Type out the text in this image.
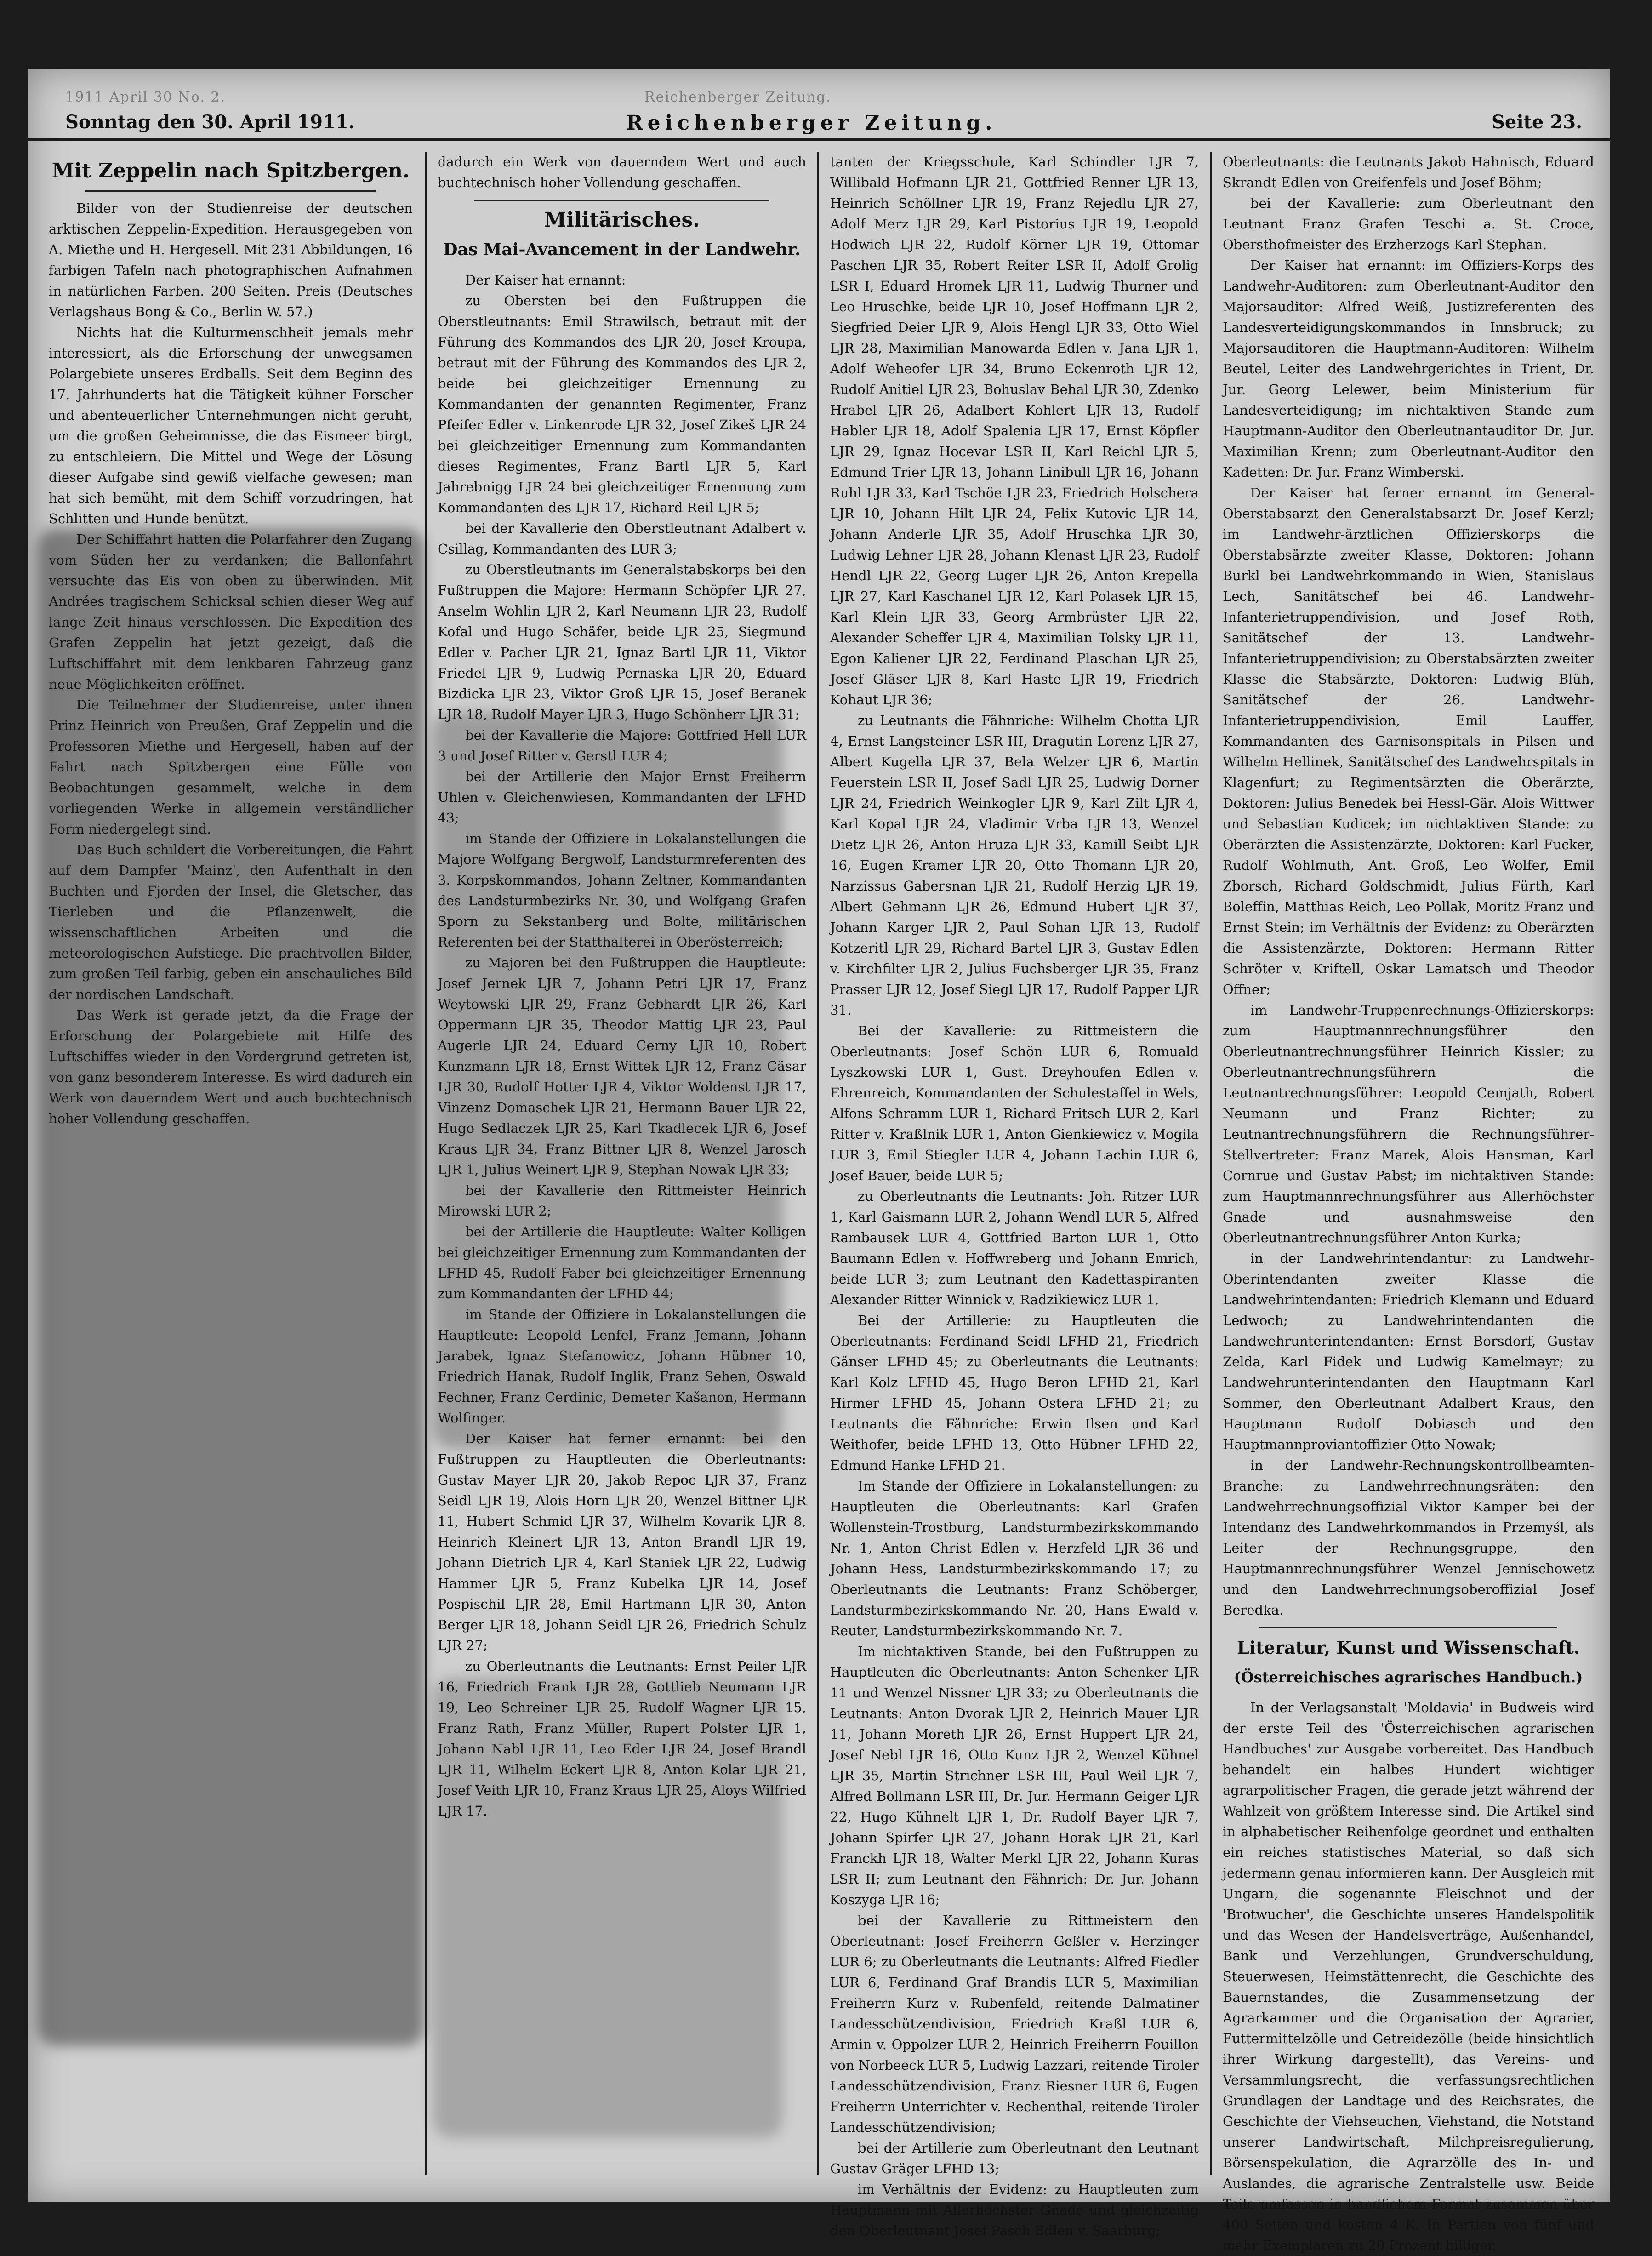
1911 April 30 No. 2.	Reichenberger Zeitung.
Sonntag den 30. April 1911.	Reichenberger Zeitung.	Seite 23.
Mit Zeppelin nach Spitzbergen.

Bilder von der Studienreise der deutschen arktischen Zeppelin-Expedition. Herausgegeben von A. Miethe und H. Hergesell. Mit 231 Abbildungen, 16 farbigen Tafeln nach photographischen Aufnahmen in natürlichen Farben. 200 Seiten. Preis (Deutsches Verlagshaus Bong & Co., Berlin W. 57.)

Nichts hat die Kulturmenschheit jemals mehr interessiert, als die Erforschung der unwegsamen Polargebiete unseres Erdballs. Seit dem Beginn des 17. Jahrhunderts hat die Tätigkeit kühner Forscher und abenteuerlicher Unternehmungen nicht geruht, um die großen Geheimnisse, die das Eismeer birgt, zu entschleiern. Die Mittel und Wege der Lösung dieser Aufgabe sind gewiß vielfache gewesen; man hat sich bemüht, mit dem Schiff vorzudringen, hat Schlitten und Hunde benützt.

Der Schiffahrt hatten die Polarfahrer den Zugang vom Süden her zu verdanken; die Ballonfahrt versuchte das Eis von oben zu überwinden. Mit Andrées tragischem Schicksal schien dieser Weg auf lange Zeit hinaus verschlossen. Die Expedition des Grafen Zeppelin hat jetzt gezeigt, daß die Luftschiffahrt mit dem lenkbaren Fahrzeug ganz neue Möglichkeiten eröffnet.

Die Teilnehmer der Studienreise, unter ihnen Prinz Heinrich von Preußen, Graf Zeppelin und die Professoren Miethe und Hergesell, haben auf der Fahrt nach Spitzbergen eine Fülle von Beobachtungen gesammelt, welche in dem vorliegenden Werke in allgemein verständlicher Form niedergelegt sind.

Das Buch schildert die Vorbereitungen, die Fahrt auf dem Dampfer 'Mainz', den Aufenthalt in den Buchten und Fjorden der Insel, die Gletscher, das Tierleben und die Pflanzenwelt, die wissenschaftlichen Arbeiten und die meteorologischen Aufstiege. Die prachtvollen Bilder, zum großen Teil farbig, geben ein anschauliches Bild der nordischen Landschaft.

Das Werk ist gerade jetzt, da die Frage der Erforschung der Polargebiete mit Hilfe des Luftschiffes wieder in den Vordergrund getreten ist, von ganz besonderem Interesse. Es wird dadurch ein Werk von dauerndem Wert und auch buchtechnisch hoher Vollendung geschaffen.

dadurch ein Werk von dauerndem Wert und auch buchtechnisch hoher Vollendung geschaffen.

Militärisches.
Das Mai-Avancement in der Landwehr.

Der Kaiser hat ernannt:

zu Obersten bei den Fußtruppen die Oberstleutnants: Emil Strawilsch, betraut mit der Führung des Kommandos des LJR 20, Josef Kroupa, betraut mit der Führung des Kommandos des LJR 2, beide bei gleichzeitiger Ernennung zu Kommandanten der genannten Regimenter, Franz Pfeifer Edler v. Linkenrode LJR 32, Josef Zikeš LJR 24 bei gleichzeitiger Ernennung zum Kommandanten dieses Regimentes, Franz Bartl LJR 5, Karl Jahrebnigg LJR 24 bei gleichzeitiger Ernennung zum Kommandanten des LJR 17, Richard Reil LJR 5;

bei der Kavallerie den Oberstleutnant Adalbert v. Csillag, Kommandanten des LUR 3;

zu Oberstleutnants im Generalstabskorps bei den Fußtruppen die Majore: Hermann Schöpfer LJR 27, Anselm Wohlin LJR 2, Karl Neumann LJR 23, Rudolf Kofal und Hugo Schäfer, beide LJR 25, Siegmund Edler v. Pacher LJR 21, Ignaz Bartl LJR 11, Viktor Friedel LJR 9, Ludwig Pernaska LJR 20, Eduard Bizdicka LJR 23, Viktor Groß LJR 15, Josef Beranek LJR 18, Rudolf Mayer LJR 3, Hugo Schönherr LJR 31;

bei der Kavallerie die Majore: Gottfried Hell LUR 3 und Josef Ritter v. Gerstl LUR 4;

bei der Artillerie den Major Ernst Freiherrn Uhlen v. Gleichenwiesen, Kommandanten der LFHD 43;

im Stande der Offiziere in Lokalanstellungen die Majore Wolfgang Bergwolf, Landsturmreferenten des 3. Korpskommandos, Johann Zeltner, Kommandanten des Landsturmbezirks Nr. 30, und Wolfgang Grafen Sporn zu Sekstanberg und Bolte, militärischen Referenten bei der Statthalterei in Oberösterreich;

zu Majoren bei den Fußtruppen die Hauptleute: Josef Jernek LJR 7, Johann Petri LJR 17, Franz Weytowski LJR 29, Franz Gebhardt LJR 26, Karl Oppermann LJR 35, Theodor Mattig LJR 23, Paul Augerle LJR 24, Eduard Cerny LJR 10, Robert Kunzmann LJR 18, Ernst Wittek LJR 12, Franz Cäsar LJR 30, Rudolf Hotter LJR 4, Viktor Woldenst LJR 17, Vinzenz Domaschek LJR 21, Hermann Bauer LJR 22, Hugo Sedlaczek LJR 25, Karl Tkadlecek LJR 6, Josef Kraus LJR 34, Franz Bittner LJR 8, Wenzel Jarosch LJR 1, Julius Weinert LJR 9, Stephan Nowak LJR 33;

bei der Kavallerie den Rittmeister Heinrich Mirowski LUR 2;

bei der Artillerie die Hauptleute: Walter Kolligen bei gleichzeitiger Ernennung zum Kommandanten der LFHD 45, Rudolf Faber bei gleichzeitiger Ernennung zum Kommandanten der LFHD 44;

im Stande der Offiziere in Lokalanstellungen die Hauptleute: Leopold Lenfel, Franz Jemann, Johann Jarabek, Ignaz Stefanowicz, Johann Hübner 10, Friedrich Hanak, Rudolf Inglik, Franz Sehen, Oswald Fechner, Franz Cerdinic, Demeter Kašanon, Hermann Wolfinger.

Der Kaiser hat ferner ernannt: bei den Fußtruppen zu Hauptleuten die Oberleutnants: Gustav Mayer LJR 20, Jakob Repoc LJR 37, Franz Seidl LJR 19, Alois Horn LJR 20, Wenzel Bittner LJR 11, Hubert Schmid LJR 37, Wilhelm Kovarik LJR 8, Heinrich Kleinert LJR 13, Anton Brandl LJR 19, Johann Dietrich LJR 4, Karl Staniek LJR 22, Ludwig Hammer LJR 5, Franz Kubelka LJR 14, Josef Pospischil LJR 28, Emil Hartmann LJR 30, Anton Berger LJR 18, Johann Seidl LJR 26, Friedrich Schulz LJR 27;

zu Oberleutnants die Leutnants: Ernst Peiler LJR 16, Friedrich Frank LJR 28, Gottlieb Neumann LJR 19, Leo Schreiner LJR 25, Rudolf Wagner LJR 15, Franz Rath, Franz Müller, Rupert Polster LJR 1, Johann Nabl LJR 11, Leo Eder LJR 24, Josef Brandl LJR 11, Wilhelm Eckert LJR 8, Anton Kolar LJR 21, Josef Veith LJR 10, Franz Kraus LJR 25, Aloys Wilfried LJR 17.

tanten der Kriegsschule, Karl Schindler LJR 7, Willibald Hofmann LJR 21, Gottfried Renner LJR 13, Heinrich Schöllner LJR 19, Franz Rejedlu LJR 27, Adolf Merz LJR 29, Karl Pistorius LJR 19, Leopold Hodwich LJR 22, Rudolf Körner LJR 19, Ottomar Paschen LJR 35, Robert Reiter LSR II, Adolf Grolig LSR I, Eduard Hromek LJR 11, Ludwig Thurner und Leo Hruschke, beide LJR 10, Josef Hoffmann LJR 2, Siegfried Deier LJR 9, Alois Hengl LJR 33, Otto Wiel LJR 28, Maximilian Manowarda Edlen v. Jana LJR 1, Adolf Weheofer LJR 34, Bruno Eckenroth LJR 12, Rudolf Anitiel LJR 23, Bohuslav Behal LJR 30, Zdenko Hrabel LJR 26, Adalbert Kohlert LJR 13, Rudolf Habler LJR 18, Adolf Spalenia LJR 17, Ernst Köpfler LJR 29, Ignaz Hocevar LSR II, Karl Reichl LJR 5, Edmund Trier LJR 13, Johann Linibull LJR 16, Johann Ruhl LJR 33, Karl Tschöe LJR 23, Friedrich Holschera LJR 10, Johann Hilt LJR 24, Felix Kutovic LJR 14, Johann Anderle LJR 35, Adolf Hruschka LJR 30, Ludwig Lehner LJR 28, Johann Klenast LJR 23, Rudolf Hendl LJR 22, Georg Luger LJR 26, Anton Krepella LJR 27, Karl Kaschanel LJR 12, Karl Polasek LJR 15, Karl Klein LJR 33, Georg Armbrüster LJR 22, Alexander Scheffer LJR 4, Maximilian Tolsky LJR 11, Egon Kaliener LJR 22, Ferdinand Plaschan LJR 25, Josef Gläser LJR 8, Karl Haste LJR 19, Friedrich Kohaut LJR 36;

zu Leutnants die Fähnriche: Wilhelm Chotta LJR 4, Ernst Langsteiner LSR III, Dragutin Lorenz LJR 27, Albert Kugella LJR 37, Bela Welzer LJR 6, Martin Feuerstein LSR II, Josef Sadl LJR 25, Ludwig Dorner LJR 24, Friedrich Weinkogler LJR 9, Karl Zilt LJR 4, Karl Kopal LJR 24, Vladimir Vrba LJR 13, Wenzel Dietz LJR 26, Anton Hruza LJR 33, Kamill Seibt LJR 16, Eugen Kramer LJR 20, Otto Thomann LJR 20, Narzissus Gabersnan LJR 21, Rudolf Herzig LJR 19, Albert Gehmann LJR 26, Edmund Hubert LJR 37, Johann Karger LJR 2, Paul Sohan LJR 13, Rudolf Kotzeritl LJR 29, Richard Bartel LJR 3, Gustav Edlen v. Kirchfilter LJR 2, Julius Fuchsberger LJR 35, Franz Prasser LJR 12, Josef Siegl LJR 17, Rudolf Papper LJR 31.

Bei der Kavallerie: zu Rittmeistern die Oberleutnants: Josef Schön LUR 6, Romuald Lyszkowski LUR 1, Gust. Dreyhoufen Edlen v. Ehrenreich, Kommandanten der Schulestaffel in Wels, Alfons Schramm LUR 1, Richard Fritsch LUR 2, Karl Ritter v. Kraßlnik LUR 1, Anton Gienkiewicz v. Mogila LUR 3, Emil Stiegler LUR 4, Johann Lachin LUR 6, Josef Bauer, beide LUR 5;

zu Oberleutnants die Leutnants: Joh. Ritzer LUR 1, Karl Gaismann LUR 2, Johann Wendl LUR 5, Alfred Rambausek LUR 4, Gottfried Barton LUR 1, Otto Baumann Edlen v. Hoffwreberg und Johann Emrich, beide LUR 3; zum Leutnant den Kadettaspiranten Alexander Ritter Winnick v. Radzikiewicz LUR 1.

Bei der Artillerie: zu Hauptleuten die Oberleutnants: Ferdinand Seidl LFHD 21, Friedrich Gänser LFHD 45; zu Oberleutnants die Leutnants: Karl Kolz LFHD 45, Hugo Beron LFHD 21, Karl Hirmer LFHD 45, Johann Ostera LFHD 21; zu Leutnants die Fähnriche: Erwin Ilsen und Karl Weithofer, beide LFHD 13, Otto Hübner LFHD 22, Edmund Hanke LFHD 21.

Im Stande der Offiziere in Lokalanstellungen: zu Hauptleuten die Oberleutnants: Karl Grafen Wollenstein-Trostburg, Landsturmbezirkskommando Nr. 1, Anton Christ Edlen v. Herzfeld LJR 36 und Johann Hess, Landsturmbezirkskommando 17; zu Oberleutnants die Leutnants: Franz Schöberger, Landsturmbezirkskommando Nr. 20, Hans Ewald v. Reuter, Landsturmbezirkskommando Nr. 7.

Im nichtaktiven Stande, bei den Fußtruppen zu Hauptleuten die Oberleutnants: Anton Schenker LJR 11 und Wenzel Nissner LJR 33; zu Oberleutnants die Leutnants: Anton Dvorak LJR 2, Heinrich Mauer LJR 11, Johann Moreth LJR 26, Ernst Huppert LJR 24, Josef Nebl LJR 16, Otto Kunz LJR 2, Wenzel Kühnel LJR 35, Martin Strichner LSR III, Paul Weil LJR 7, Alfred Bollmann LSR III, Dr. Jur. Hermann Geiger LJR 22, Hugo Kühnelt LJR 1, Dr. Rudolf Bayer LJR 7, Johann Spirfer LJR 27, Johann Horak LJR 21, Karl Franckh LJR 18, Walter Merkl LJR 22, Johann Kuras LSR II; zum Leutnant den Fähnrich: Dr. Jur. Johann Koszyga LJR 16;

bei der Kavallerie zu Rittmeistern den Oberleutnant: Josef Freiherrn Geßler v. Herzinger LUR 6; zu Oberleutnants die Leutnants: Alfred Fiedler LUR 6, Ferdinand Graf Brandis LUR 5, Maximilian Freiherrn Kurz v. Rubenfeld, reitende Dalmatiner Landesschützendivision, Friedrich Kraßl LUR 6, Armin v. Oppolzer LUR 2, Heinrich Freiherrn Fouillon von Norbeeck LUR 5, Ludwig Lazzari, reitende Tiroler Landesschützendivision, Franz Riesner LUR 6, Eugen Freiherrn Unterrichter v. Rechenthal, reitende Tiroler Landesschützendivision;

bei der Artillerie zum Oberleutnant den Leutnant Gustav Gräger LFHD 13;

im Verhältnis der Evidenz: zu Hauptleuten zum Hauptmann mit Allerhöchster Gnade und gleichzeitig den Oberleutnant Josef Pasch Edlen v. Saarburg;

Oberleutnants: die Leutnants Jakob Hahnisch, Eduard Skrandt Edlen von Greifenfels und Josef Böhm;

bei der Kavallerie: zum Oberleutnant den Leutnant Franz Grafen Teschi a. St. Croce, Obersthofmeister des Erzherzogs Karl Stephan.

Der Kaiser hat ernannt: im Offiziers-Korps des Landwehr-Auditoren: zum Oberleutnant-Auditor den Majorsauditor: Alfred Weiß, Justizreferenten des Landesverteidigungskommandos in Innsbruck; zu Majorsauditoren die Hauptmann-Auditoren: Wilhelm Beutel, Leiter des Landwehrgerichtes in Trient, Dr. Jur. Georg Lelewer, beim Ministerium für Landesverteidigung; im nichtaktiven Stande zum Hauptmann-Auditor den Oberleutnantauditor Dr. Jur. Maximilian Krenn; zum Oberleutnant-Auditor den Kadetten: Dr. Jur. Franz Wimberski.

Der Kaiser hat ferner ernannt im General-Oberstabsarzt den Generalstabsarzt Dr. Josef Kerzl; im Landwehr-ärztlichen Offizierskorps die Oberstabsärzte zweiter Klasse, Doktoren: Johann Burkl bei Landwehrkommando in Wien, Stanislaus Lech, Sanitätschef bei 46. Landwehr-Infanterietruppendivision, und Josef Roth, Sanitätschef der 13. Landwehr-Infanterietruppendivision; zu Oberstabsärzten zweiter Klasse die Stabsärzte, Doktoren: Ludwig Blüh, Sanitätschef der 26. Landwehr-Infanterietruppendivision, Emil Lauffer, Kommandanten des Garnisonspitals in Pilsen und Wilhelm Hellinek, Sanitätschef des Landwehrspitals in Klagenfurt; zu Regimentsärzten die Oberärzte, Doktoren: Julius Benedek bei Hessl-Gär. Alois Wittwer und Sebastian Kudicek; im nichtaktiven Stande: zu Oberärzten die Assistenzärzte, Doktoren: Karl Fucker, Rudolf Wohlmuth, Ant. Groß, Leo Wolfer, Emil Zborsch, Richard Goldschmidt, Julius Fürth, Karl Boleffin, Matthias Reich, Leo Pollak, Moritz Franz und Ernst Stein; im Verhältnis der Evidenz: zu Oberärzten die Assistenzärzte, Doktoren: Hermann Ritter Schröter v. Kriftell, Oskar Lamatsch und Theodor Offner;

im Landwehr-Truppenrechnungs-Offizierskorps: zum Hauptmannrechnungsführer den Oberleutnantrechnungsführer Heinrich Kissler; zu Oberleutnantrechnungsführern die Leutnantrechnungsführer: Leopold Cemjath, Robert Neumann und Franz Richter; zu Leutnantrechnungsführern die Rechnungsführer-Stellvertreter: Franz Marek, Alois Hansman, Karl Cornrue und Gustav Pabst; im nichtaktiven Stande: zum Hauptmannrechnungsführer aus Allerhöchster Gnade und ausnahmsweise den Oberleutnantrechnungsführer Anton Kurka;

in der Landwehrintendantur: zu Landwehr-Oberintendanten zweiter Klasse die Landwehrintendanten: Friedrich Klemann und Eduard Ledwoch; zu Landwehrintendanten die Landwehrunterintendanten: Ernst Borsdorf, Gustav Zelda, Karl Fidek und Ludwig Kamelmayr; zu Landwehrunterintendanten den Hauptmann Karl Sommer, den Oberleutnant Adalbert Kraus, den Hauptmann Rudolf Dobiasch und den Hauptmannproviantoffizier Otto Nowak;

in der Landwehr-Rechnungskontrollbeamten-Branche: zu Landwehrrechnungsräten: den Landwehrrechnungsoffizial Viktor Kamper bei der Intendanz des Landwehrkommandos in Przemyśl, als Leiter der Rechnungsgruppe, den Hauptmannrechnungsführer Wenzel Jennischowetz und den Landwehrrechnungsoberoffizial Josef Beredka.

Literatur, Kunst und Wissenschaft.
(Österreichisches agrarisches Handbuch.)

In der Verlagsanstalt 'Moldavia' in Budweis wird der erste Teil des 'Österreichischen agrarischen Handbuches' zur Ausgabe vorbereitet. Das Handbuch behandelt ein halbes Hundert wichtiger agrarpolitischer Fragen, die gerade jetzt während der Wahlzeit von größtem Interesse sind. Die Artikel sind in alphabetischer Reihenfolge geordnet und enthalten ein reiches statistisches Material, so daß sich jedermann genau informieren kann. Der Ausgleich mit Ungarn, die sogenannte Fleischnot und der 'Brotwucher', die Geschichte unseres Handelspolitik und das Wesen der Handelsverträge, Außenhandel, Bank und Verzehlungen, Grundverschuldung, Steuerwesen, Heimstättenrecht, die Geschichte des Bauernstandes, die Zusammensetzung der Agrarkammer und die Organisation der Agrarier, Futtermittelzölle und Getreidezölle (beide hinsichtlich ihrer Wirkung dargestellt), das Vereins- und Versammlungsrecht, die verfassungsrechtlichen Grundlagen der Landtage und des Reichsrates, die Geschichte der Viehseuchen, Viehstand, die Notstand unserer Landwirtschaft, Milchpreisregulierung, Börsenspekulation, die Agrarzölle des In- und Auslandes, die agrarische Zentralstelle usw. Beide Teile umfassen in handlichem Format zusammen über 400 Seiten und kosten 4 K. In Partien von fünf und mehr Exemplaren zu 20 Prozent billiger.
